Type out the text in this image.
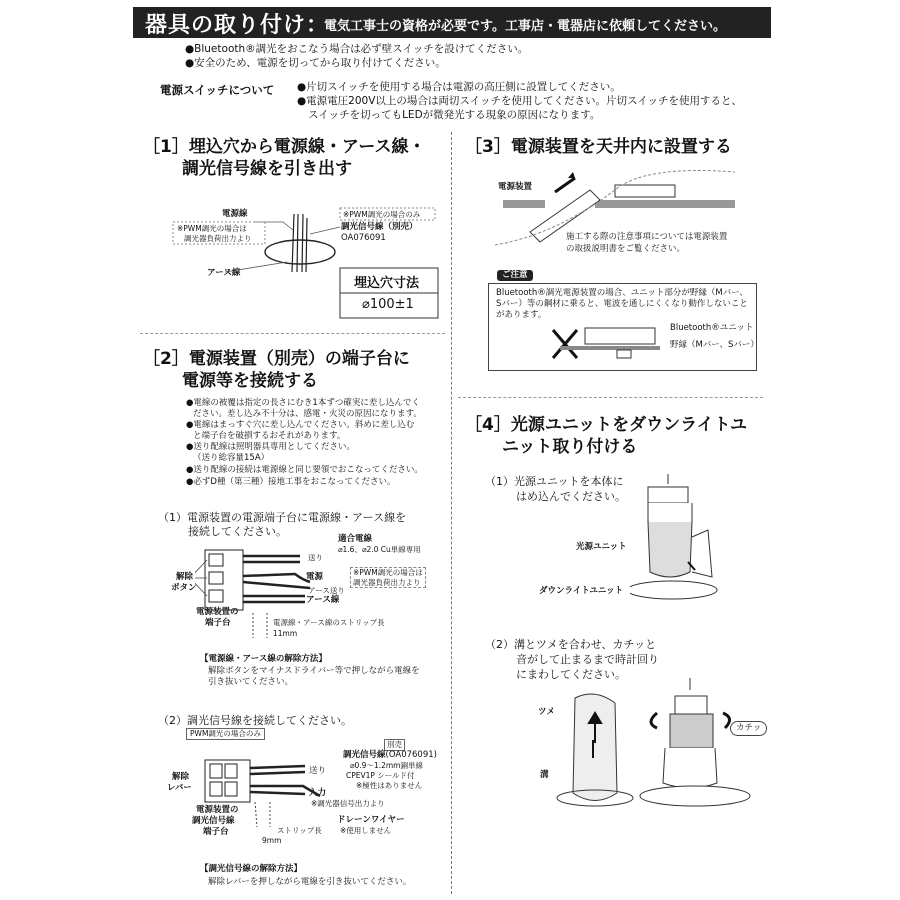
器具の取り付け：
電気工事士の資格が必要です。工事店・電器店に依頼してください。
●Bluetooth®調光をおこなう場合は必ず壁スイッチを設けてください。
●安全のため、電源を切ってから取り付けてください。
電源スイッチについて ●片切スイッチを使用する場合は電源の高圧側に設置してください。
●電源電圧200V以上の場合は両切スイッチを使用してください。片切スイッチを使用すると、
スイッチを切ってもLEDが微発光する現象の原因になります。
［1］埋込穴から電源線・アース線・
調光信号線を引き出す
電源線	※PWM調光の場合のみ
調光信号線（別売）
OA076091
※PWM調光の場合は
調光器負荷出力より
アース線
埋込穴寸法
⌀100±1
［2］電源装置（別売）の端子台に
電源等を接続する
●電線の被覆は指定の長さにむき1本ずつ確実に差し込んでく
ださい。差し込み不十分は、感電・火災の原因になります。
●電線はまっすぐ穴に差し込んでください。斜めに差し込む
と端子台を破損するおそれがあります。
●送り配線は照明器具専用としてください。
（送り総容量15A）
●送り配線の接続は電源線と同じ要領でおこなってください。
●必ずD種（第三種）接地工事をおこなってください。
（1）電源装置の電源端子台に電源線・アース線を
接続してください。
適合電線
⌀1.6、⌀2.0 Cu単線専用
送り
電源	※PWM調光の場合は
調光器負荷出力より
アース送り
アース線
解除
ボタン
電源装置の
端子台	電源線・アース線のストリップ長
11mm
【電源線・アース線の解除方法】
解除ボタンをマイナスドライバー等で押しながら電線を
引き抜いてください。
（2）調光信号線を接続してください。
PWM調光の場合のみ
別売
調光信号線(OA076091)
⌀0.9～1.2mm銅単線
CPEV1P シールド付
※極性はありません
送り
入力
※調光器信号出力より
解除
レバー
電源装置の
調光信号線
端子台	ストリップ長
9mm
ドレーンワイヤー
※使用しません
【調光信号線の解除方法】
解除レバーを押しながら電線を引き抜いてください。
［3］電源装置を天井内に設置する
電源装置
施工する際の注意事項については電源装置
の取扱説明書をご覧ください。
ご注意
Bluetooth®調光電源装置の場合、ユニット部分が野縁（Mバー、
Sバー）等の鋼材に乗ると、電波を通しにくくなり動作しないこと
があります。
Bluetooth®ユニット
野縁（Mバー、Sバー）
［4］光源ユニットをダウンライトユ
ニット取り付ける
（1）光源ユニットを本体に
はめ込んでください。
光源ユニット
ダウンライトユニット
（2）溝とツメを合わせ、カチッと
音がして止まるまで時計回り
にまわしてください。
ツメ
溝
カチッ
